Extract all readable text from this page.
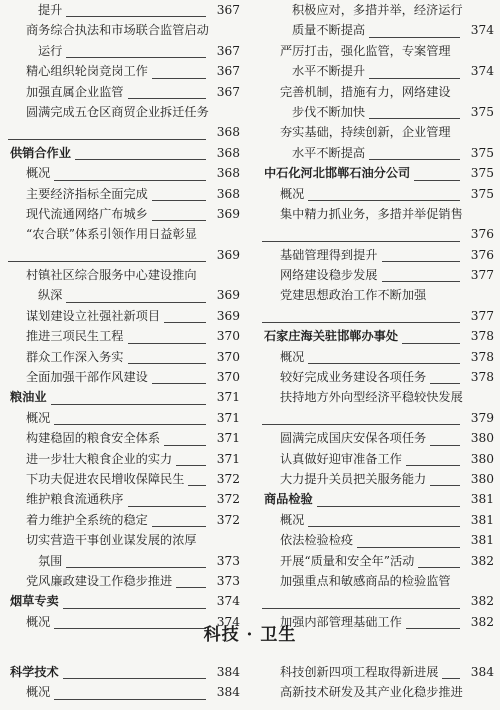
提升	367
商务综合执法和市场联合监管启动
运行	367
精心组织轮岗竞岗工作	367
加强直属企业监管	367
圆满完成五仓区商贸企业拆迁任务
368
供销合作业	368
概况	368
主要经济指标全面完成	368
现代流通网络广布城乡	369
“农合联”体系引领作用日益彰显
369
村镇社区综合服务中心建设推向
纵深	369
谋划建设立社强社新项目	369
推进三项民生工程	370
群众工作深入务实	370
全面加强干部作风建设	370
粮油业	371
概况	371
构建稳固的粮食安全体系	371
进一步壮大粮食企业的实力	371
下功夫促进农民增收保障民生	372
维护粮食流通秩序	372
着力维护全系统的稳定	372
切实营造干事创业谋发展的浓厚
氛围	373
党风廉政建设工作稳步推进	373
烟草专卖	374
概况	374
积极应对，多措并举，经济运行
质量不断提高	374
严厉打击，强化监管，专案管理
水平不断提升	374
完善机制，措施有力，网络建设
步伐不断加快	375
夯实基础，持续创新，企业管理
水平不断提高	375
中石化河北邯郸石油分公司	375
概况	375
集中精力抓业务，多措并举促销售
376
基础管理得到提升	376
网络建设稳步发展	377
党建思想政治工作不断加强
377
石家庄海关驻邯郸办事处	378
概况	378
较好完成业务建设各项任务	378
扶持地方外向型经济平稳较快发展
379
圆满完成国庆安保各项任务	380
认真做好迎审准备工作	380
大力提升关员把关服务能力	380
商品检验	381
概况	381
依法检验检疫	381
开展“质量和安全年”活动	382
加强重点和敏感商品的检验监管
382
加强内部管理基础工作	382
科技 · 卫生
科学技术	384
概况	384
科技创新四项工程取得新进展	384
高新技术研发及其产业化稳步推进
